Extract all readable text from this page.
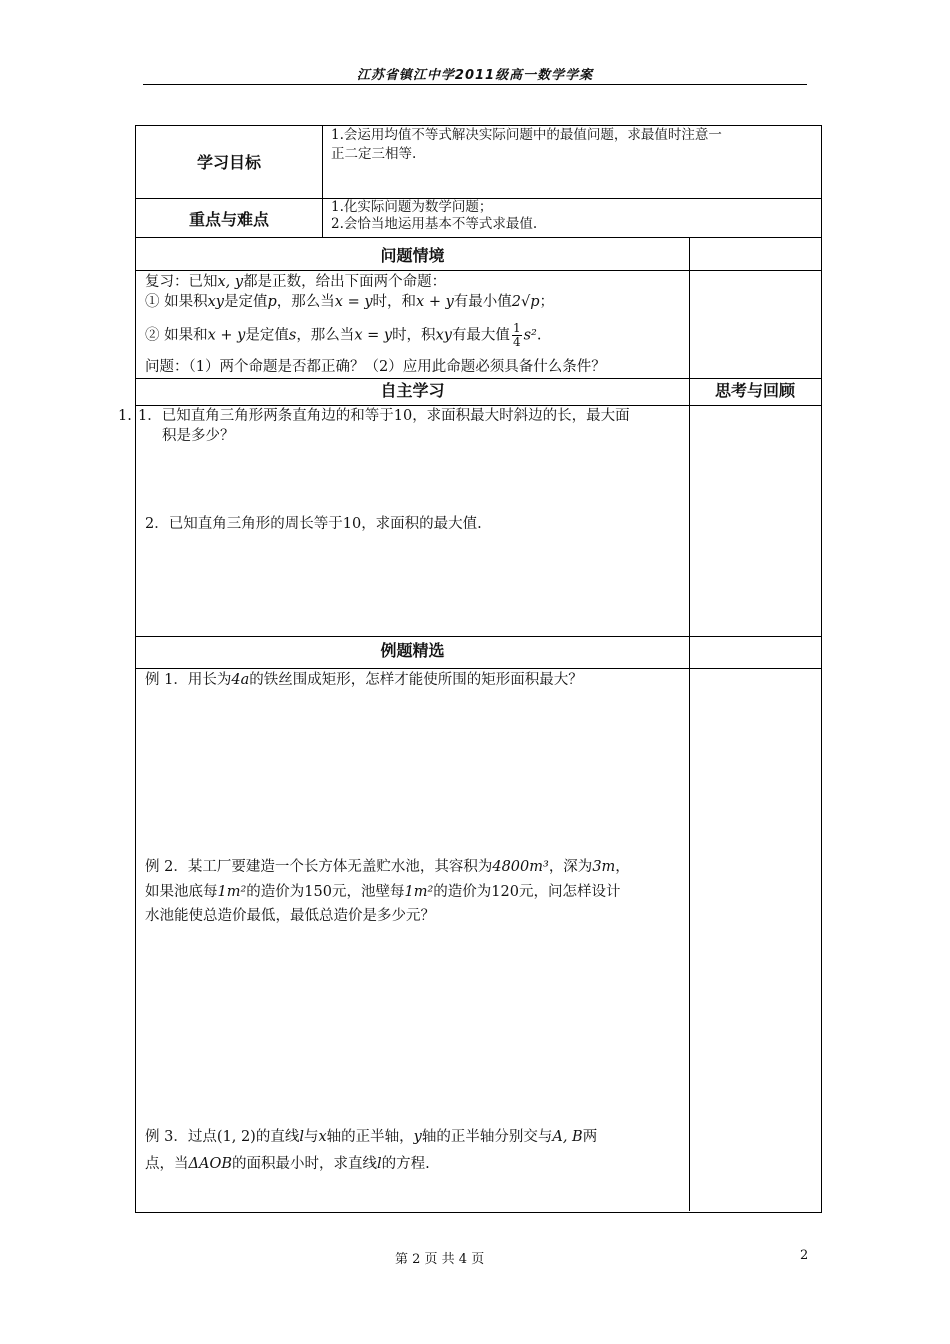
江苏省镇江中学2011级高一数学学案
学习目标
1.会运用均值不等式解决实际问题中的最值问题，求最值时注意一
正二定三相等.
重点与难点
1.化实际问题为数学问题；
2.会恰当地运用基本不等式求最值.
问题情境
复习：已知x, y都是正数，给出下面两个命题：
① 如果积xy是定值p，那么当x = y时，和x + y有最小值2√p；
② 如果和x + y是定值s，那么当x = y时，积xy有最大值 $\frac{1}{4} s^2$.
问题：（1）两个命题是否都正确？（2）应用此命题必须具备什么条件？
自主学习	思考与回顾
1. 1．已知直角三角形两条直角边的和等于10，求面积最大时斜边的长，最大面
积是多少？
2．已知直角三角形的周长等于10，求面积的最大值.
例题精选
例 1．用长为4a的铁丝围成矩形，怎样才能使所围的矩形面积最大？
例 2．某工厂要建造一个长方体无盖贮水池，其容积为4800m³，深为3m，
如果池底每1m²的造价为150元，池壁每1m²的造价为120元，问怎样设计
水池能使总造价最低，最低总造价是多少元？
例 3．过点(1, 2)的直线l与x轴的正半轴，y轴的正半轴分别交与A, B两
点，当ΔAOB的面积最小时，求直线l的方程.
第 2 页 共 4 页	2
